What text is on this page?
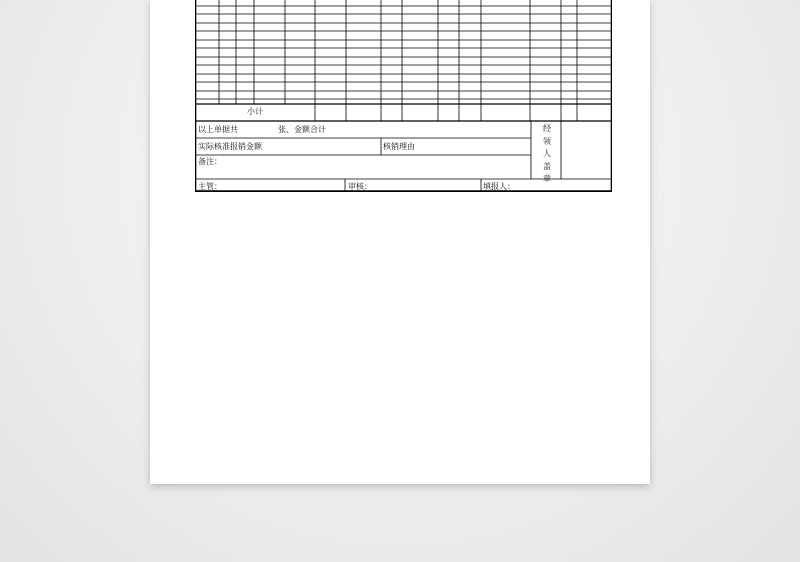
小计
以上单据共	张、金额合计
实际核准报销金额	核销理由
备注：
经
领
人
盖
章
主管：	审核：	填报人：
